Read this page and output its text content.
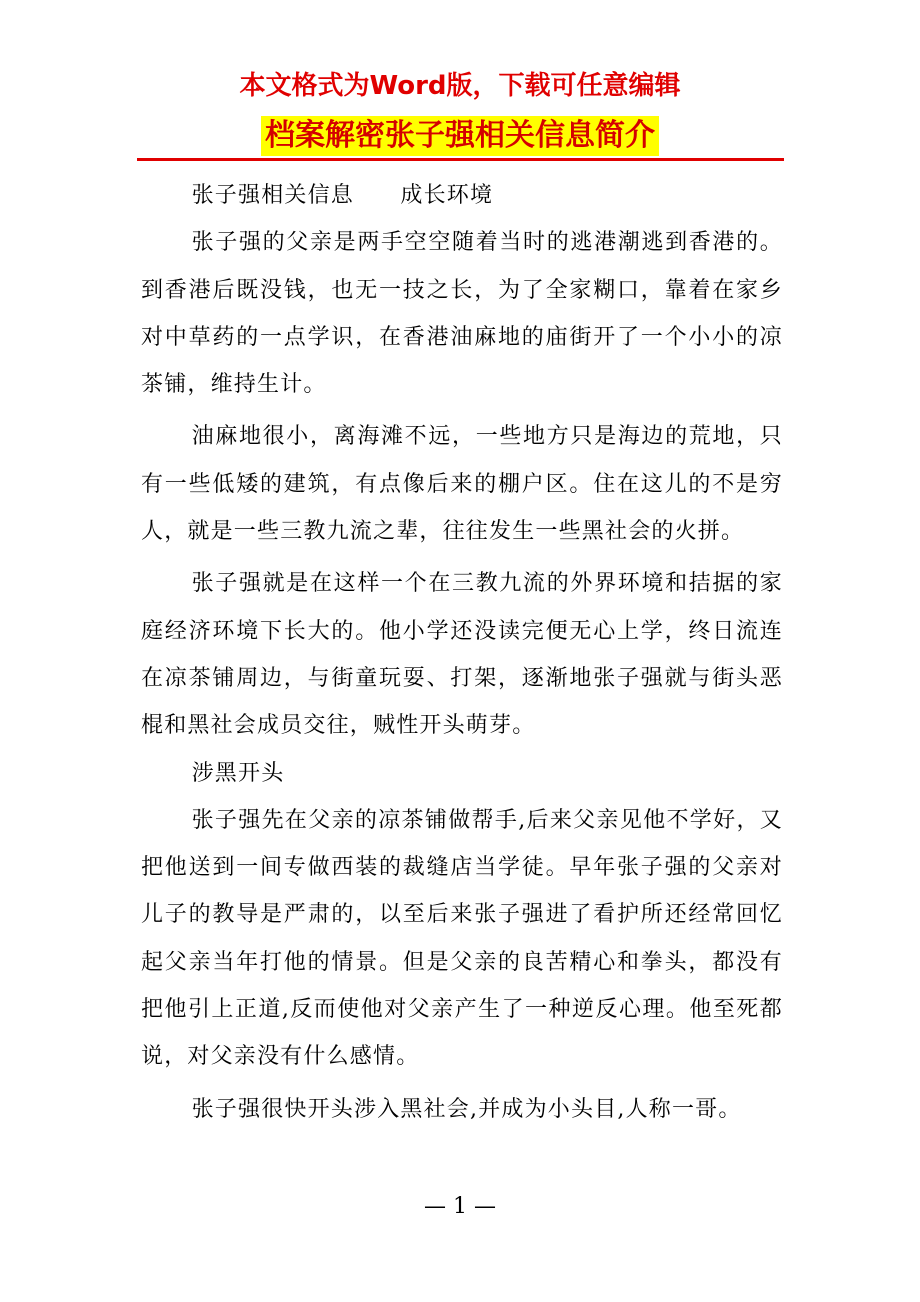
本文格式为Word版，下载可任意编辑
档案解密张子强相关信息简介
张子强相关信息　　成长环境

张子强的父亲是两手空空随着当时的逃港潮逃到香港的。到香港后既没钱，也无一技之长，为了全家糊口，靠着在家乡对中草药的一点学识，在香港油麻地的庙街开了一个小小的凉茶铺，维持生计。

油麻地很小，离海滩不远，一些地方只是海边的荒地，只有一些低矮的建筑，有点像后来的棚户区。住在这儿的不是穷人，就是一些三教九流之辈，往往发生一些黑社会的火拼。

张子强就是在这样一个在三教九流的外界环境和拮据的家庭经济环境下长大的。他小学还没读完便无心上学，终日流连在凉茶铺周边，与街童玩耍、打架，逐渐地张子强就与街头恶棍和黑社会成员交往，贼性开头萌芽。

涉黑开头

张子强先在父亲的凉茶铺做帮手,后来父亲见他不学好，又把他送到一间专做西装的裁缝店当学徒。早年张子强的父亲对儿子的教导是严肃的，以至后来张子强进了看护所还经常回忆起父亲当年打他的情景。但是父亲的良苦精心和拳头，都没有把他引上正道,反而使他对父亲产生了一种逆反心理。他至死都说，对父亲没有什么感情。

张子强很快开头涉入黑社会,并成为小头目,人称一哥。

— 1 —
